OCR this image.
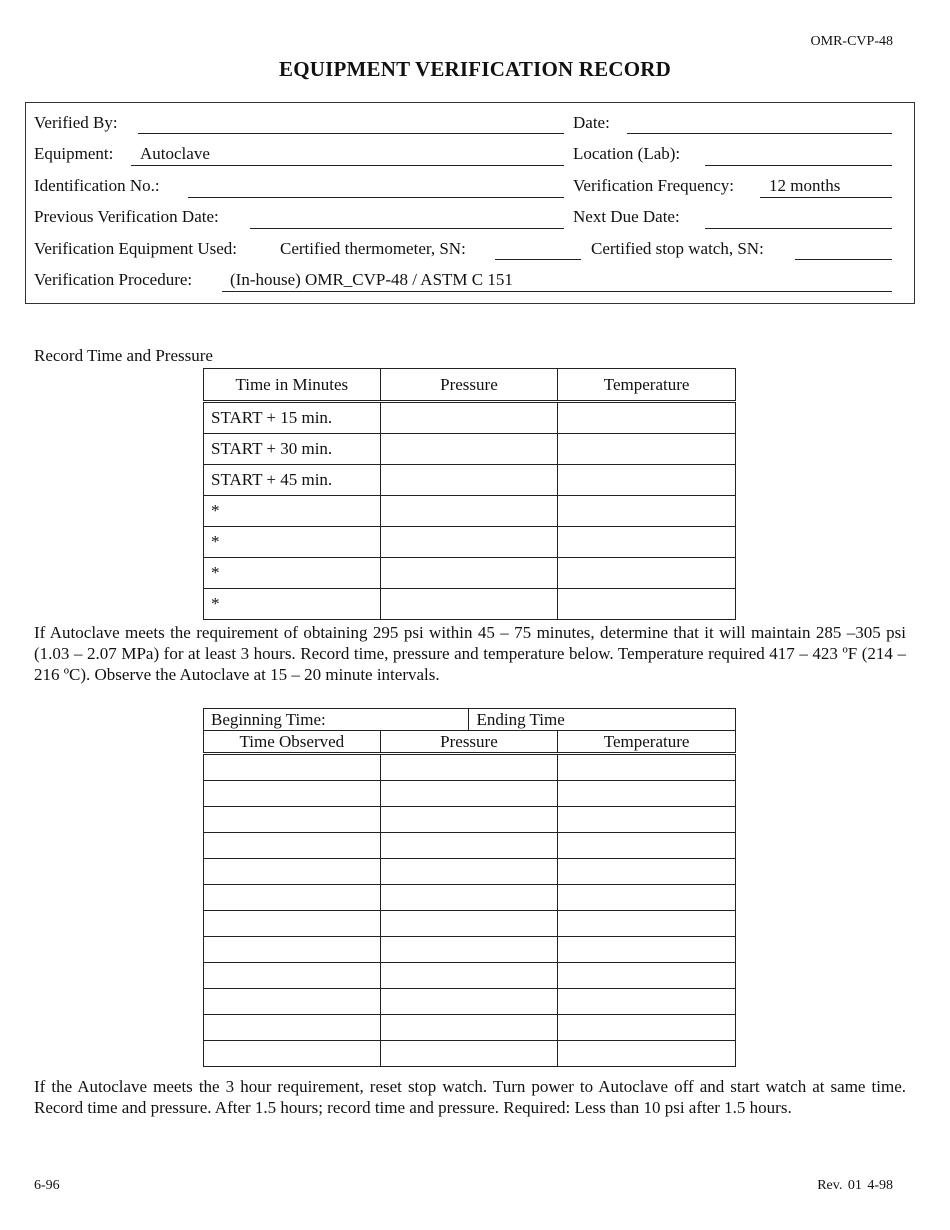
OMR-CVP-48
EQUIPMENT VERIFICATION RECORD
Verified By:	Date:
Equipment: Autoclave	Location (Lab):
Identification No.:	Verification Frequency: 12 months
Previous Verification Date:	Next Due Date:
Verification Equipment Used:	Certified thermometer, SN:	Certified stop watch, SN:
Verification Procedure: (In-house) OMR_CVP-48 / ASTM C 151
Record Time and Pressure
Time in Minutes	Pressure	Temperature
START + 15 min.		
START + 30 min.		
START + 45 min.		
*		
*		
*		
*		
If Autoclave meets the requirement of obtaining 295 psi within 45 – 75 minutes, determine that it will maintain 285 –305 psi (1.03 – 2.07 MPa) for at least 3 hours. Record time, pressure and temperature below. Temperature required 417 – 423 ºF (214 – 216 ºC). Observe the Autoclave at 15 – 20 minute intervals.
Beginning Time:		Ending Time	
Time Observed	Pressure		Temperature

If the Autoclave meets the 3 hour requirement, reset stop watch. Turn power to Autoclave off and start watch at same time. Record time and pressure. After 1.5 hours; record time and pressure. Required: Less than 10 psi after 1.5 hours.
6-96	Rev. 01 4-98
